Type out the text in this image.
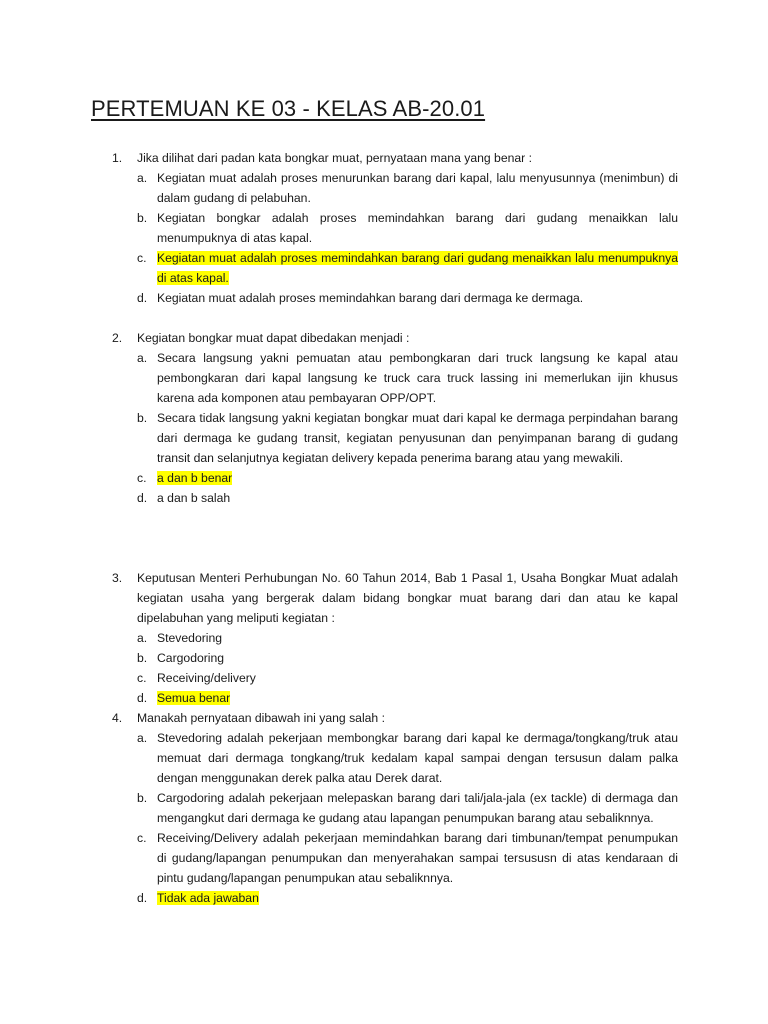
PERTEMUAN KE 03 - KELAS AB-20.01
1.	Jika dilihat dari padan kata bongkar muat, pernyataan mana yang benar :
a. Kegiatan muat adalah proses menurunkan barang dari kapal, lalu menyusunnya (menimbun) di dalam gudang di pelabuhan.
b. Kegiatan bongkar adalah proses memindahkan barang dari gudang menaikkan lalu menumpuknya di atas kapal.
c. Kegiatan muat adalah proses memindahkan barang dari gudang menaikkan lalu menumpuknya di atas kapal.
d. Kegiatan muat adalah proses memindahkan barang dari dermaga ke dermaga.
2.	Kegiatan bongkar muat dapat dibedakan menjadi :
a. Secara langsung yakni pemuatan atau pembongkaran dari truck langsung ke kapal atau pembongkaran dari kapal langsung ke truck cara truck lassing ini memerlukan ijin khusus karena ada komponen atau pembayaran OPP/OPT.
b. Secara tidak langsung yakni kegiatan bongkar muat dari kapal ke dermaga perpindahan barang dari dermaga ke gudang transit, kegiatan penyusunan dan penyimpanan barang di gudang transit dan selanjutnya kegiatan delivery kepada penerima barang atau yang mewakili.
c. a dan b benar
d. a dan b salah
3.	Keputusan Menteri Perhubungan No. 60 Tahun 2014, Bab 1 Pasal 1, Usaha Bongkar Muat adalah kegiatan usaha yang bergerak dalam bidang bongkar muat barang dari dan atau ke kapal dipelabuhan yang meliputi kegiatan :
a. Stevedoring
b. Cargodoring
c. Receiving/delivery
d. Semua benar
4.	Manakah pernyataan dibawah ini yang salah :
a. Stevedoring adalah pekerjaan membongkar barang dari kapal ke dermaga/tongkang/truk atau memuat dari dermaga tongkang/truk kedalam kapal sampai dengan tersusun dalam palka dengan menggunakan derek palka atau Derek darat.
b. Cargodoring adalah pekerjaan melepaskan barang dari tali/jala-jala (ex tackle) di dermaga dan mengangkut dari dermaga ke gudang atau lapangan penumpukan barang atau sebaliknnya.
c. Receiving/Delivery adalah pekerjaan memindahkan barang dari timbunan/tempat penumpukan di gudang/lapangan penumpukan dan menyerahakan sampai tersususn di atas kendaraan di pintu gudang/lapangan penumpukan atau sebaliknnya.
d. Tidak ada jawaban
